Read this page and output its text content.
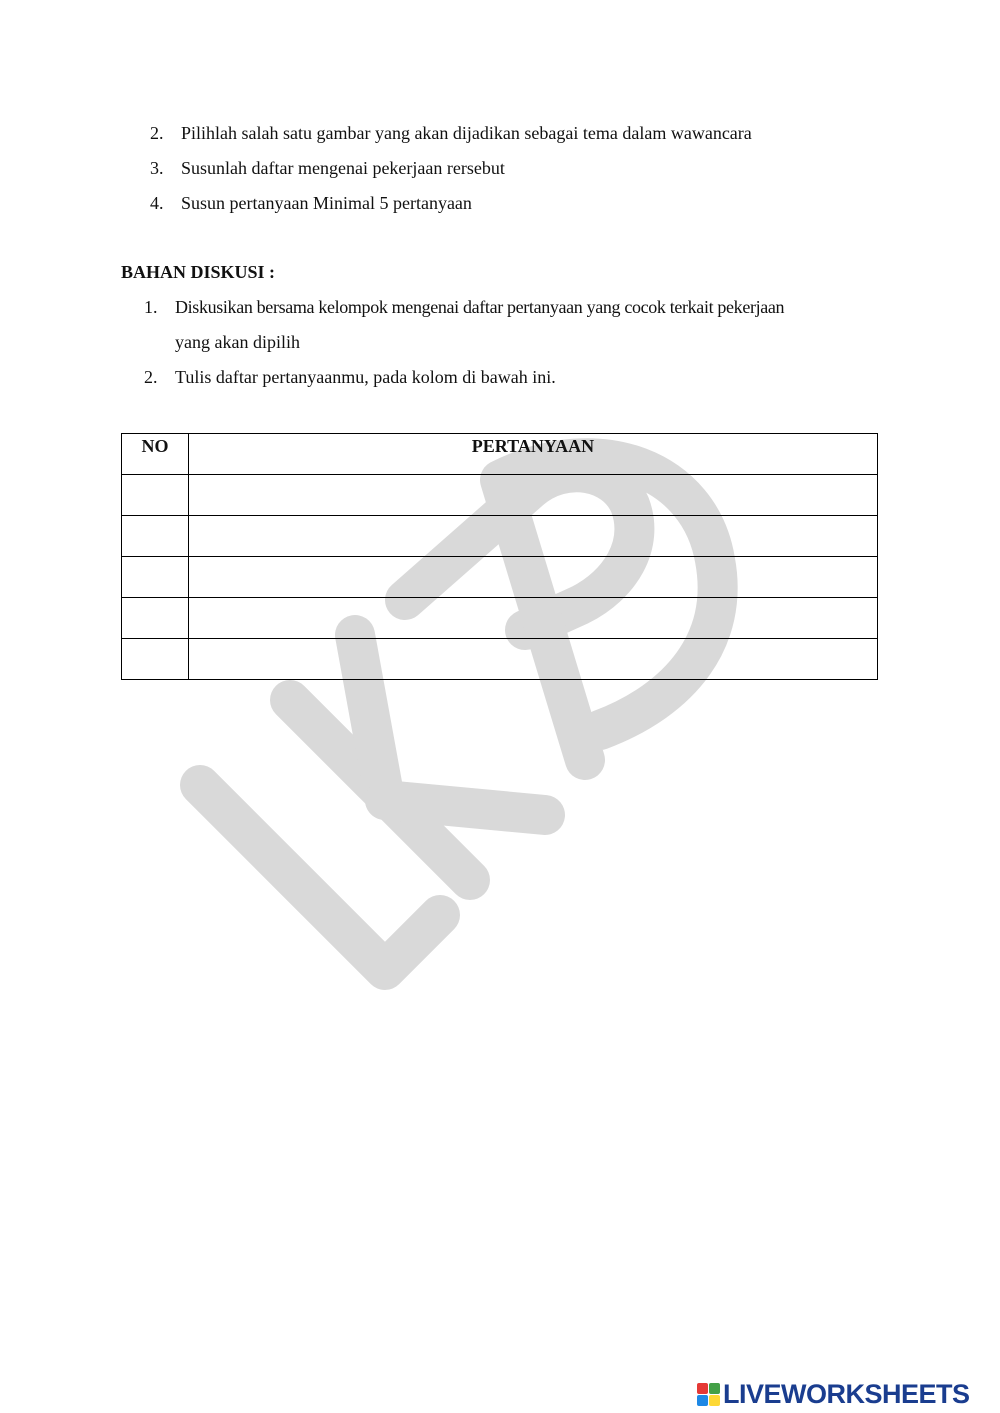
2. Pilihlah salah satu gambar yang akan dijadikan sebagai tema dalam wawancara
3. Susunlah daftar mengenai pekerjaan rersebut
4. Susun pertanyaan Minimal 5 pertanyaan
BAHAN DISKUSI :
1. Diskusikan bersama kelompok mengenai daftar pertanyaan yang cocok terkait pekerjaan
yang akan dipilih
2. Tulis daftar pertanyaanmu, pada kolom di bawah ini.
NO	PERTANYAAN

LIVEWORKSHEETS
